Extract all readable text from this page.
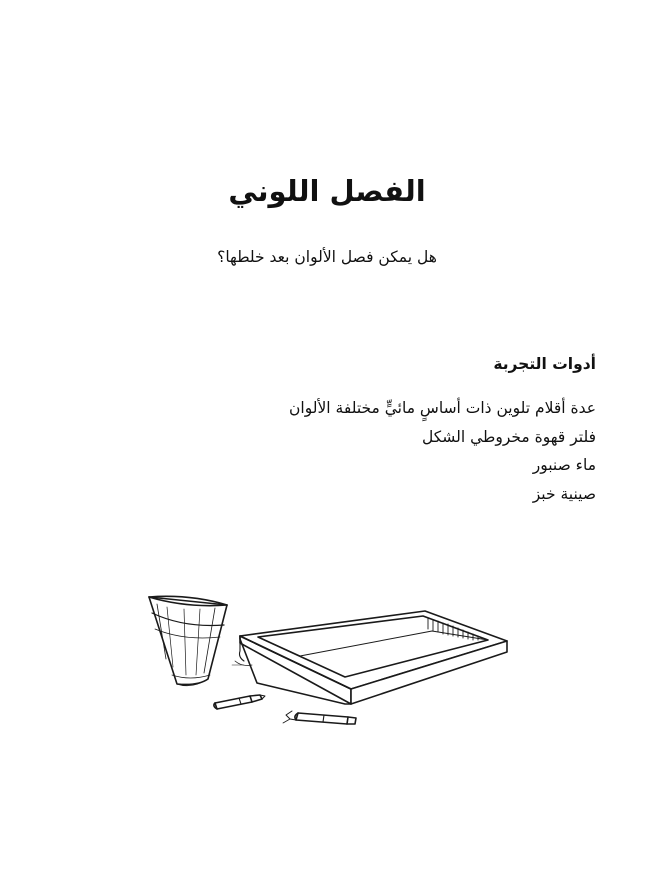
الفصل اللوني

هل يمكن فصل الألوان بعد خلطها؟

أدوات التجربة
عدة أقلام تلوين ذات أساسٍ مائيٍّ مختلفة الألوان
فلتر قهوة مخروطي الشكل
ماء صنبور
صينية خبز
